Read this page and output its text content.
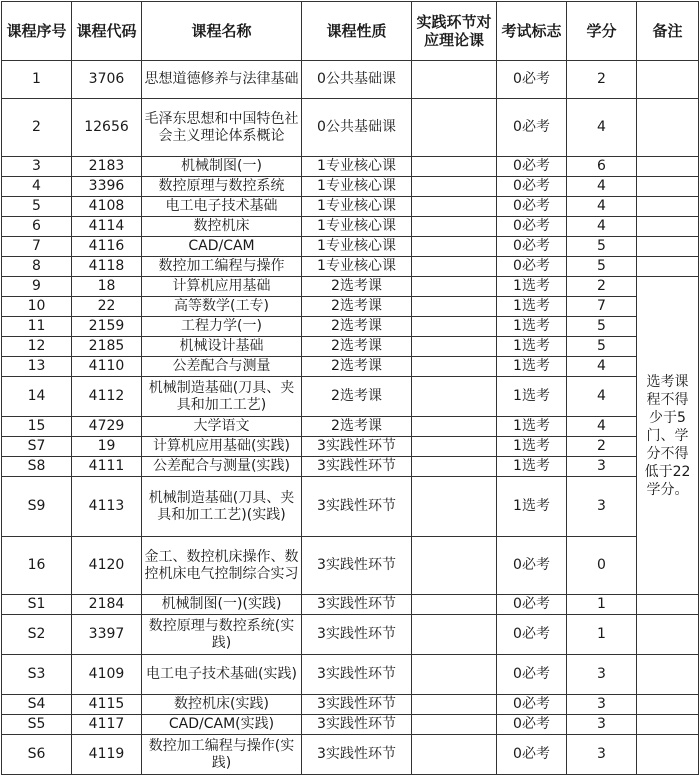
课程序号	课程代码	课程名称	课程性质	实践环节对应理论课	考试标志	学分	备注
1	3706	思想道德修养与法律基础	0公共基础课		0必考	2	
2	12656	毛泽东思想和中国特色社会主义理论体系概论	0公共基础课		0必考	4	
3	2183	机械制图(一)	1专业核心课		0必考	6	
4	3396	数控原理与数控系统	1专业核心课		0必考	4	
5	4108	电工电子技术基础	1专业核心课		0必考	4	
6	4114	数控机床	1专业核心课		0必考	4	
7	4116	CAD/CAM	1专业核心课		0必考	5	
8	4118	数控加工编程与操作	1专业核心课		0必考	5	
9	18	计算机应用基础	2选考课		1选考	2	选考课程不得少于5门、学分不得低于22学分。
10	22	高等数学(工专)	2选考课		1选考	7	
11	2159	工程力学(一)	2选考课		1选考	5	
12	2185	机械设计基础	2选考课		1选考	5	
13	4110	公差配合与测量	2选考课		1选考	4	
14	4112	机械制造基础(刀具、夹具和加工工艺)	2选考课		1选考	4	
15	4729	大学语文	2选考课		1选考	4	
S7	19	计算机应用基础(实践)	3实践性环节		1选考	2	
S8	4111	公差配合与测量(实践)	3实践性环节		1选考	3	
S9	4113	机械制造基础(刀具、夹具和加工工艺)(实践)	3实践性环节		1选考	3	
16	4120	金工、数控机床操作、数控机床电气控制综合实习	3实践性环节		0必考	0	
S1	2184	机械制图(一)(实践)	3实践性环节		0必考	1	
S2	3397	数控原理与数控系统(实践)	3实践性环节		0必考	1	
S3	4109	电工电子技术基础(实践)	3实践性环节		0必考	3	
S4	4115	数控机床(实践)	3实践性环节		0必考	3	
S5	4117	CAD/CAM(实践)	3实践性环节		0必考	3	
S6	4119	数控加工编程与操作(实践)	3实践性环节		0必考	3	
